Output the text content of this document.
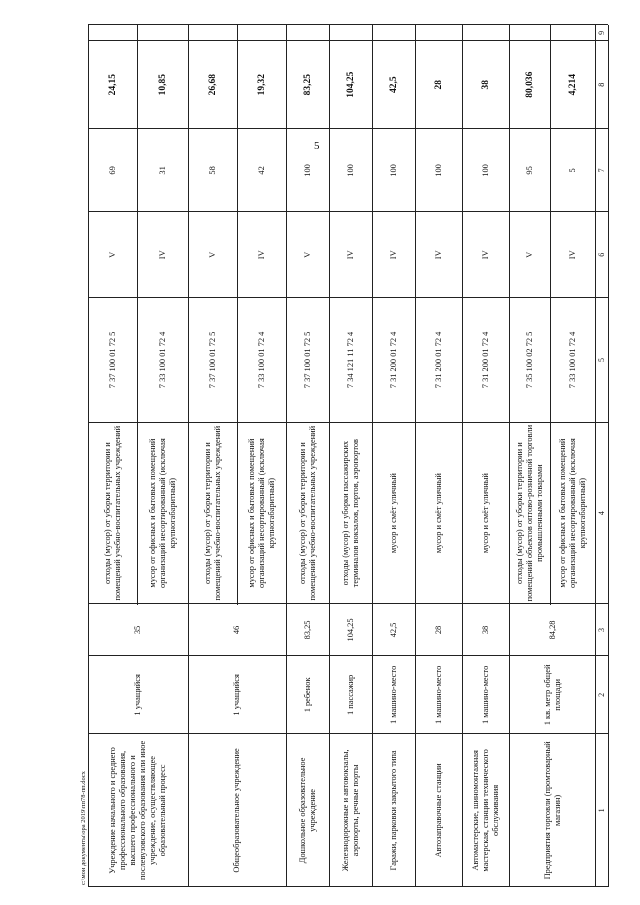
5
1
2
3
4
5
6
7
8
9
Предприятия торговли (промтоварный магазин)
1 кв. метр общей площади
84,28
мусор от офисных и бытовых помещений организаций несортированный (исключая крупногабаритный)
7 33 100 01 72 4
IV
5
4,214
отходы (мусор) от уборки территории и помещений объектов оптово-розничной торговли промышленными товарами
7 35 100 02 72 5
V
95
80,036
Автомастерские, шиномонтажная мастерская, станции технического обслуживания
1 машино-место
38
мусор и смёт уличный
7 31 200 01 72 4
IV
100
38
Автозаправочные станции
1 машино-место
28
мусор и смёт уличный
7 31 200 01 72 4
IV
100
28
Гаражи, парковки закрытого типа
1 машино-место
42,5
мусор и смёт уличный
7 31 200 01 72 4
IV
100
42,5
Железнодорожные и автовокзалы, аэропорты, речные порты
1 пассажир
104,25
отходы (мусор) от уборки пассажирских терминалов вокзалов, портов, аэропортов
7 34 121 11 72 4
IV
100
104,25
Дошкольное образовательное учреждение
1 ребенок
83,25
отходы (мусор) от уборки территории и помещений учебно-воспитательных учреждений
7 37 100 01 72 5
V
100
83,25
Общеобразовательное учреждение
1 учащийся
46
мусор от офисных и бытовых помещений организаций несортированный (исключая крупногабаритный)
7 33 100 01 72 4
IV
42
19,32
отходы (мусор) от уборки территории и помещений учебно-воспитательных учреждений
7 37 100 01 72 5
V
58
26,68
Учреждение начального и среднего профессионального образования, высшего профессионального и послевузовского образования или иное учреждение, осуществляющее образовательный процесс
1 учащийся
35
мусор от офисных и бытовых помещений организаций несортированный (исключая крупногабаритный)
7 33 100 01 72 4
IV
31
10,85
отходы (мусор) от уборки территории и помещений учебно-воспитательных учреждений
7 37 100 01 72 5
V
69
24,15
c:\мои документы\ора 2019\пп78-пп.docx
